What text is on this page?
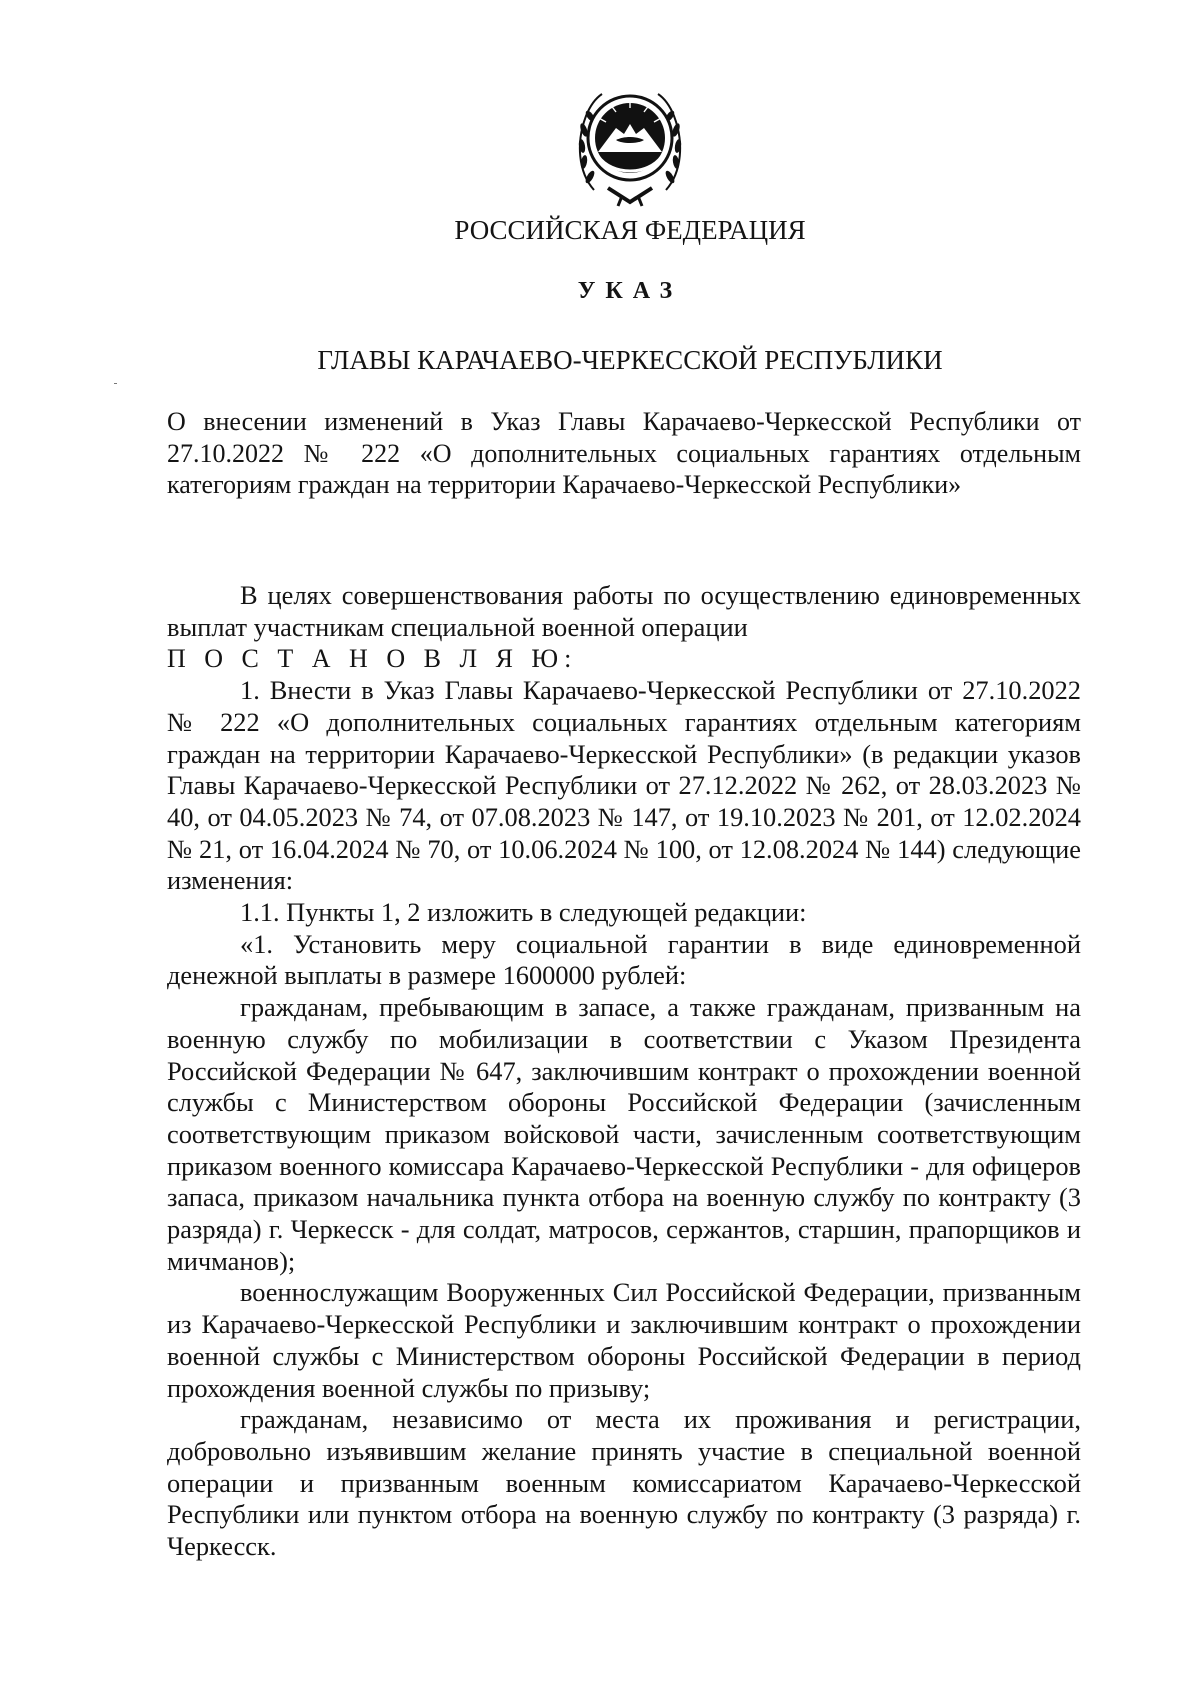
РОССИЙСКАЯ ФЕДЕРАЦИЯ
УКАЗ
ГЛАВЫ КАРАЧАЕВО-ЧЕРКЕССКОЙ РЕСПУБЛИКИ
О внесении изменений в Указ Главы Карачаево-Черкесской Республики от 27.10.2022 № 222 «О дополнительных социальных гарантиях отдельным категориям граждан на территории Карачаево-Черкесской Республики»

В целях совершенствования работы по осуществлению единовременных выплат участникам специальной военной операции

П О С Т А Н О В Л Я Ю:

1. Внести в Указ Главы Карачаево-Черкесской Республики от 27.10.2022 № 222 «О дополнительных социальных гарантиях отдельным категориям граждан на территории Карачаево-Черкесской Республики» (в редакции указов Главы Карачаево-Черкесской Республики от 27.12.2022 № 262, от 28.03.2023 № 40, от 04.05.2023 № 74, от 07.08.2023 № 147, от 19.10.2023 № 201, от 12.02.2024 № 21, от 16.04.2024 № 70, от 10.06.2024 № 100, от 12.08.2024 № 144) следующие изменения:

1.1. Пункты 1, 2 изложить в следующей редакции:

«1. Установить меру социальной гарантии в виде единовременной денежной выплаты в размере 1600000 рублей:

гражданам, пребывающим в запасе, а также гражданам, призванным на военную службу по мобилизации в соответствии с Указом Президента Российской Федерации № 647, заключившим контракт о прохождении военной службы с Министерством обороны Российской Федерации (зачисленным соответствующим приказом войсковой части, зачисленным соответствующим приказом военного комиссара Карачаево-Черкесской Республики - для офицеров запаса, приказом начальника пункта отбора на военную службу по контракту (3 разряда) г. Черкесск - для солдат, матросов, сержантов, старшин, прапорщиков и мичманов);

военнослужащим Вооруженных Сил Российской Федерации, призванным из Карачаево-Черкесской Республики и заключившим контракт о прохождении военной службы с Министерством обороны Российской Федерации в период прохождения военной службы по призыву;

гражданам, независимо от места их проживания и регистрации, добровольно изъявившим желание принять участие в специальной военной операции и призванным военным комиссариатом Карачаево-Черкесской Республики или пунктом отбора на военную службу по контракту (3 разряда) г. Черкесск.
